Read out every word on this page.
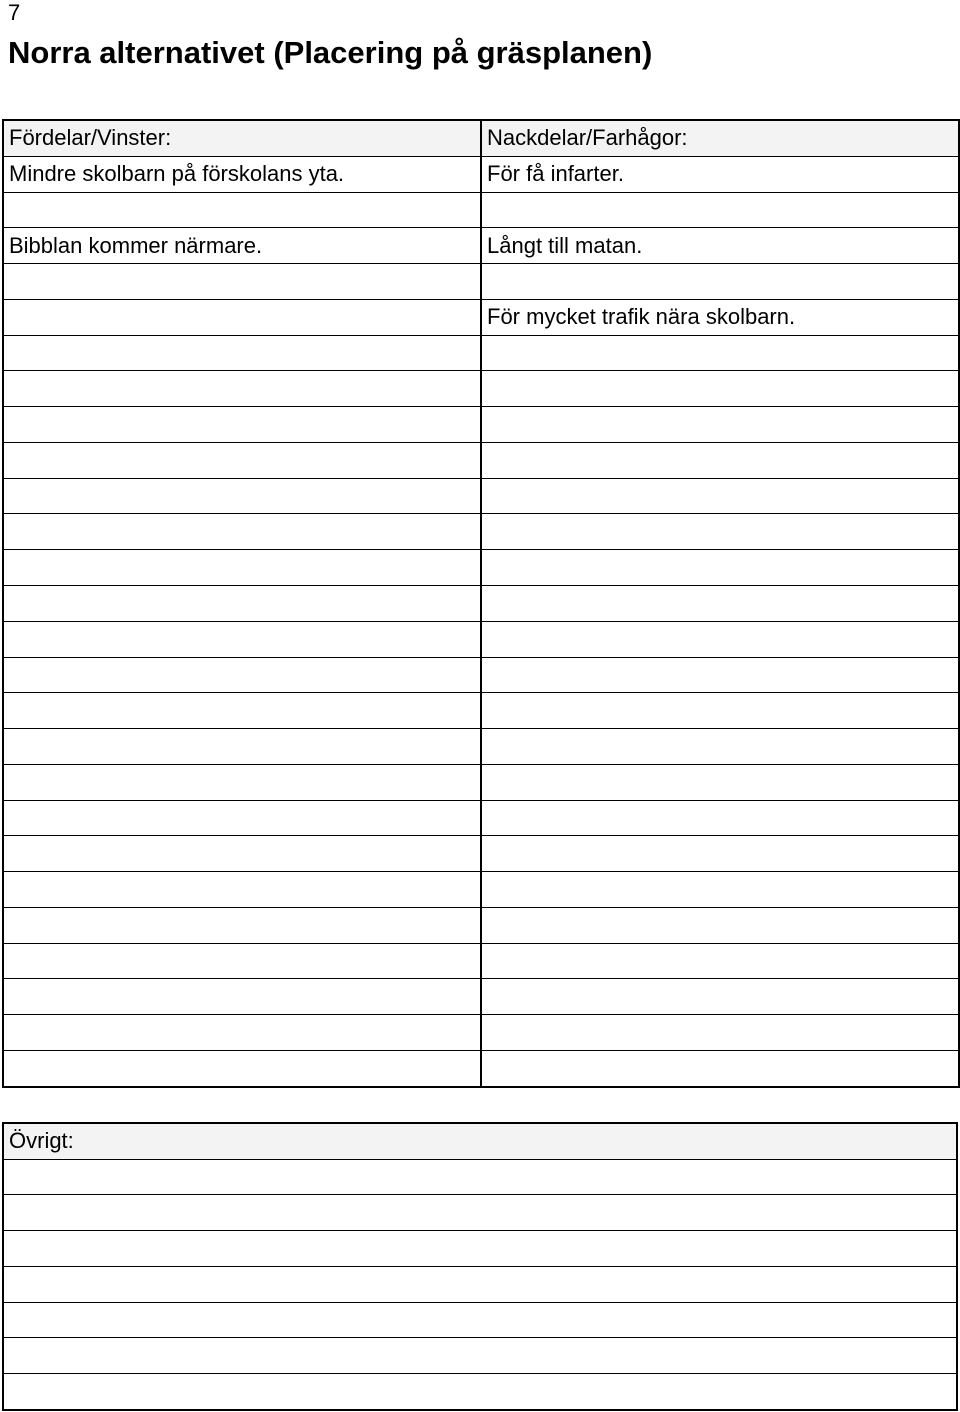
7
Norra alternativet (Placering på gräsplanen)
Fördelar/Vinster:	Nackdelar/Farhågor:
Mindre skolbarn på förskolans yta.	För få infarter.

Bibblan kommer närmare.	Långt till matan.

	För mycket trafik nära skolbarn.

Övrigt:
